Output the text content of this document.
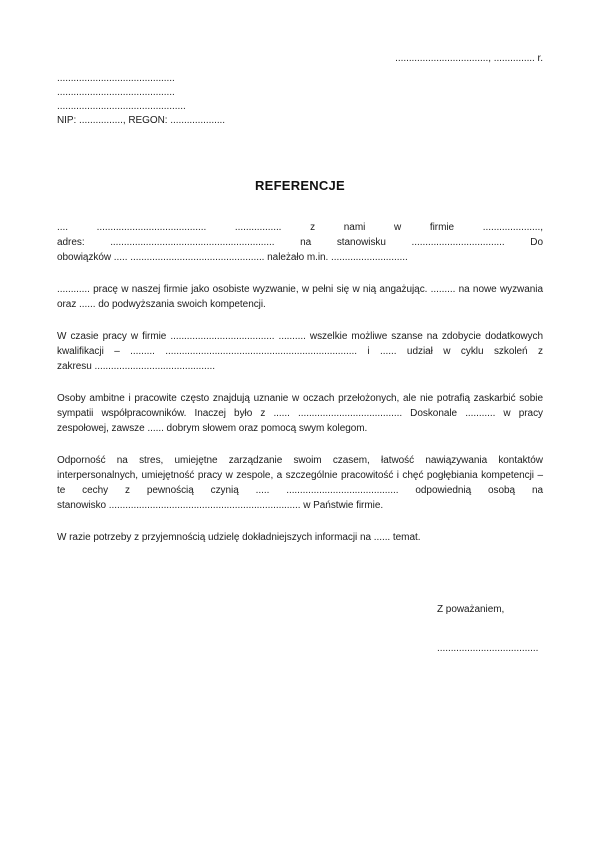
.................................., ............... r.
...........................................
...........................................
...............................................
NIP: ................, REGON: ....................
REFERENCJE

.... ........................................ ................. z nami w firmie .....................,
adres: ............................................................ na stanowisku .................................. Do
obowiązków ..... ................................................. należało m.in. ............................

............ pracę w naszej firmie jako osobiste wyzwanie, w pełni się w nią angażując. ......... na nowe wyzwania
oraz ...... do podwyższania swoich kompetencji.

W czasie pracy w firmie ...................................... .......... wszelkie możliwe szanse na zdobycie dodatkowych
kwalifikacji – ......... ...................................................................... i ...... udział w cyklu szkoleń z
zakresu ............................................

Osoby ambitne i pracowite często znajdują uznanie w oczach przełożonych, ale nie potrafią zaskarbić sobie
sympatii współpracowników. Inaczej było z ...... ...................................... Doskonale ........... w pracy
zespołowej, zawsze ...... dobrym słowem oraz pomocą swym kolegom.

Odporność na stres, umiejętne zarządzanie swoim czasem, łatwość nawiązywania kontaktów
interpersonalnych, umiejętność pracy w zespole, a szczególnie pracowitość i chęć pogłębiania kompetencji –
te cechy z pewnością czynią ..... ......................................... odpowiednią osobą na
stanowisko ...................................................................... w Państwie firmie.

W razie potrzeby z przyjemnością udzielę dokładniejszych informacji na ...... temat.

Z poważaniem,
.....................................
